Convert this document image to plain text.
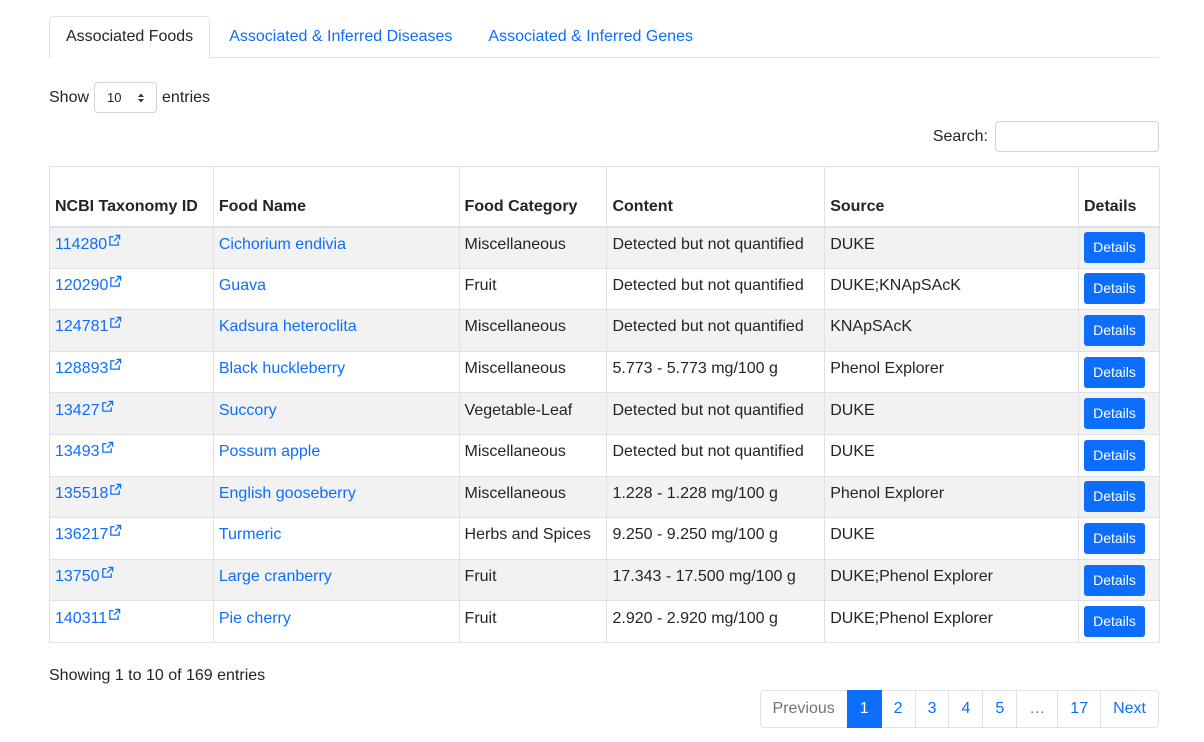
Associated Foods	Associated & Inferred Diseases	Associated & Inferred Genes
Show	10	entries
Search:
NCBI Taxonomy ID	Food Name	Food Category	Content	Source	Details
114280	Cichorium endivia	Miscellaneous	Detected but not quantified	DUKE	Details
120290	Guava	Fruit	Detected but not quantified	DUKE;KNApSAcK	Details
124781	Kadsura heteroclita	Miscellaneous	Detected but not quantified	KNApSAcK	Details
128893	Black huckleberry	Miscellaneous	5.773 - 5.773 mg/100 g	Phenol Explorer	Details
13427	Succory	Vegetable-Leaf	Detected but not quantified	DUKE	Details
13493	Possum apple	Miscellaneous	Detected but not quantified	DUKE	Details
135518	English gooseberry	Miscellaneous	1.228 - 1.228 mg/100 g	Phenol Explorer	Details
136217	Turmeric	Herbs and Spices	9.250 - 9.250 mg/100 g	DUKE	Details
13750	Large cranberry	Fruit	17.343 - 17.500 mg/100 g	DUKE;Phenol Explorer	Details
140311	Pie cherry	Fruit	2.920 - 2.920 mg/100 g	DUKE;Phenol Explorer	Details
Showing 1 to 10 of 169 entries
Previous	1	2	3	4	5	…	17	Next
